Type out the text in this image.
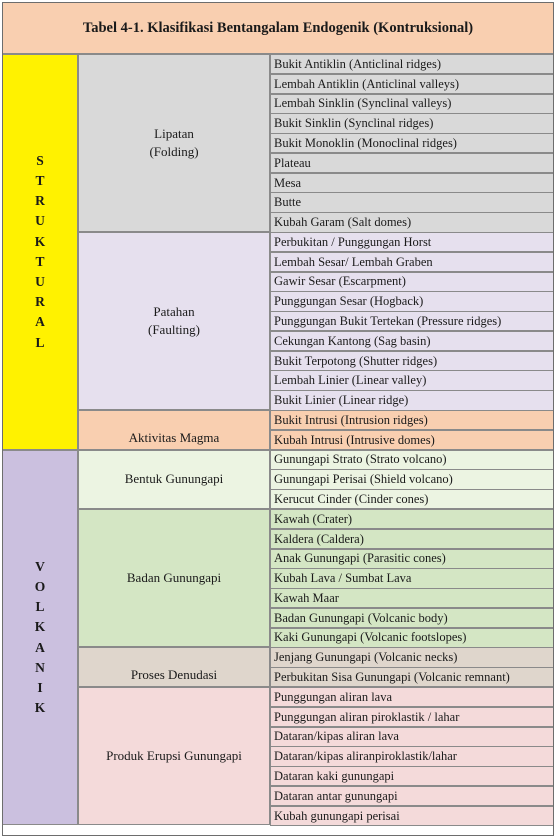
Tabel 4-1. Klasifikasi Bentangalam Endogenik (Kontruksional)
S
T
R
U
K
T
U
R
A
L
Lipatan
(Folding)
Bukit Antiklin (Anticlinal ridges)
Lembah Antiklin (Anticlinal valleys)
Lembah Sinklin (Synclinal valleys)
Bukit Sinklin (Synclinal ridges)
Bukit Monoklin (Monoclinal ridges)
Plateau
Mesa
Butte
Kubah Garam (Salt domes)
Patahan
(Faulting)
Perbukitan / Punggungan Horst
Lembah Sesar/ Lembah Graben
Gawir Sesar (Escarpment)
Punggungan Sesar (Hogback)
Punggungan Bukit Tertekan (Pressure ridges)
Cekungan Kantong (Sag basin)
Bukit Terpotong (Shutter ridges)
Lembah Linier (Linear valley)
Bukit Linier (Linear ridge)
Aktivitas Magma
Bukit Intrusi (Intrusion ridges)
Kubah Intrusi (Intrusive domes)
V
O
L
K
A
N
I
K
Bentuk Gunungapi
Gunungapi Strato (Strato volcano)
Gunungapi Perisai (Shield volcano)
Kerucut Cinder (Cinder cones)
Badan Gunungapi
Kawah (Crater)
Kaldera (Caldera)
Anak Gunungapi (Parasitic cones)
Kubah Lava / Sumbat Lava
Kawah Maar
Badan Gunungapi (Volcanic body)
Kaki Gunungapi (Volcanic footslopes)
Proses Denudasi
Jenjang Gunungapi (Volcanic necks)
Perbukitan Sisa Gunungapi (Volcanic remnant)
Produk Erupsi Gunungapi
Punggungan aliran lava
Punggungan aliran piroklastik / lahar
Dataran/kipas aliran lava
Dataran/kipas aliranpiroklastik/lahar
Dataran kaki gunungapi
Dataran antar gunungapi
Kubah gunungapi perisai
